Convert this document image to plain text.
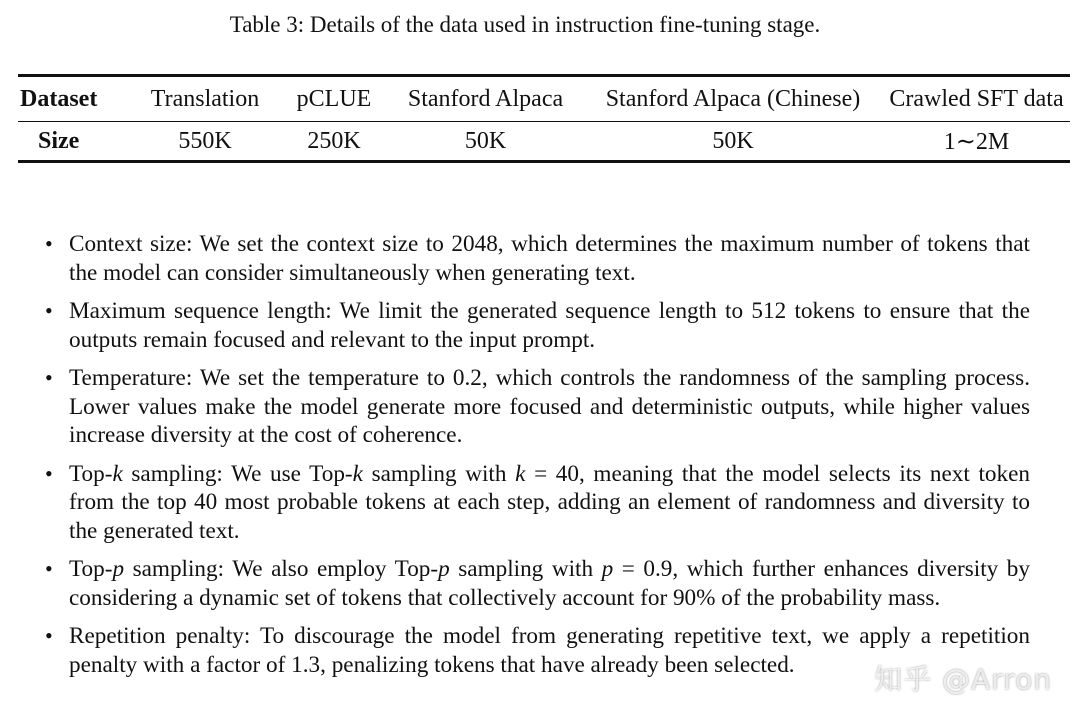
Table 3: Details of the data used in instruction fine-tuning stage.
Dataset	Translation	pCLUE	Stanford Alpaca	Stanford Alpaca (Chinese)	Crawled SFT data
Size	550K	250K	50K	50K	1∼2M
• Context size: We set the context size to 2048, which determines the maximum number of tokens that the model can consider simultaneously when generating text.
• Maximum sequence length: We limit the generated sequence length to 512 tokens to ensure that the outputs remain focused and relevant to the input prompt.
• Temperature: We set the temperature to 0.2, which controls the randomness of the sampling process. Lower values make the model generate more focused and deterministic outputs, while higher values increase diversity at the cost of coherence.
• Top-k sampling: We use Top-k sampling with k = 40, meaning that the model selects its next token from the top 40 most probable tokens at each step, adding an element of randomness and diversity to the generated text.
• Top-p sampling: We also employ Top-p sampling with p = 0.9, which further enhances diversity by considering a dynamic set of tokens that collectively account for 90% of the probability mass.
• Repetition penalty: To discourage the model from generating repetitive text, we apply a repetition penalty with a factor of 1.3, penalizing tokens that have already been selected.	知乎 @Arron
